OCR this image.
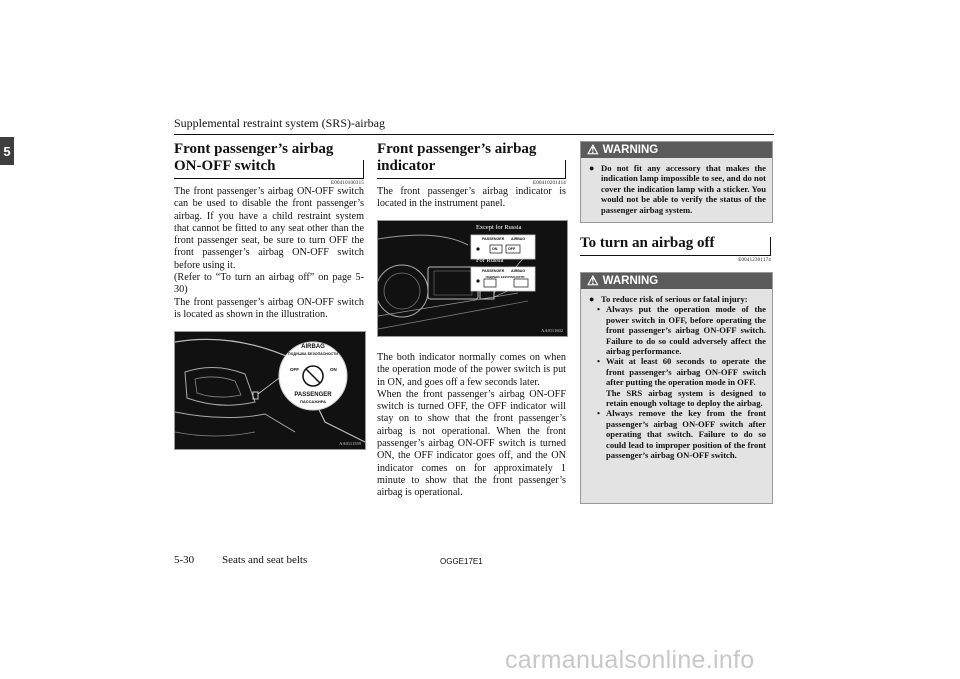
Supplemental restraint system (SRS)-airbag
5	Front passenger’s airbag ON-OFF switch
E00410100315

The front passenger’s airbag ON-OFF switch can be used to disable the front passenger’s airbag. If you have a child restraint system that cannot be fitted to any seat other than the front passenger seat, be sure to turn OFF the front passenger’s airbag ON-OFF switch before using it.

(Refer to “To turn an airbag off” on page 5-30)

The front passenger’s airbag ON-OFF switch is located as shown in the illustration.

AIRBAG
ПОДУШКА БЕЗОПАСНОСТИ
OFF	ON
PASSENGER
ПАССАЖИРА
AA0111559
Front passenger’s airbag indicator
E00410201414

The front passenger’s airbag indicator is located in the instrument panel.

Except for Russia
For Russia
PASSENGER AIRBAG
ON	OFF
PASSENGER AIRBAG
ПОДУШКА БЕЗОПАСНОСТИ
AA0111602

The both indicator normally comes on when the operation mode of the power switch is put in ON, and goes off a few seconds later.

When the front passenger’s airbag ON-OFF switch is turned OFF, the OFF indicator will stay on to show that the front passenger’s airbag is not operational. When the front passenger’s airbag ON-OFF switch is turned ON, the OFF indicator goes off, and the ON indicator comes on for approximately 1 minute to show that the front passenger’s airbag is operational.

⚠ WARNING
● Do not fit any accessory that makes the indication lamp impossible to see, and do not cover the indication lamp with a sticker. You would not be able to verify the status of the passenger airbag system.
To turn an airbag off
E00412301174
⚠ WARNING
● To reduce risk of serious or fatal injury:
• Always put the operation mode of the power switch in OFF, before operating the front passenger’s airbag ON-OFF switch. Failure to do so could adversely affect the airbag performance.
• Wait at least 60 seconds to operate the front passenger’s airbag ON-OFF switch after putting the operation mode in OFF.
The SRS airbag system is designed to retain enough voltage to deploy the airbag.
• Always remove the key from the front passenger’s airbag ON-OFF switch after operating that switch. Failure to do so could lead to improper position of the front passenger’s airbag ON-OFF switch.
5-30	Seats and seat belts	OGGE17E1
carmanualsonline.info
